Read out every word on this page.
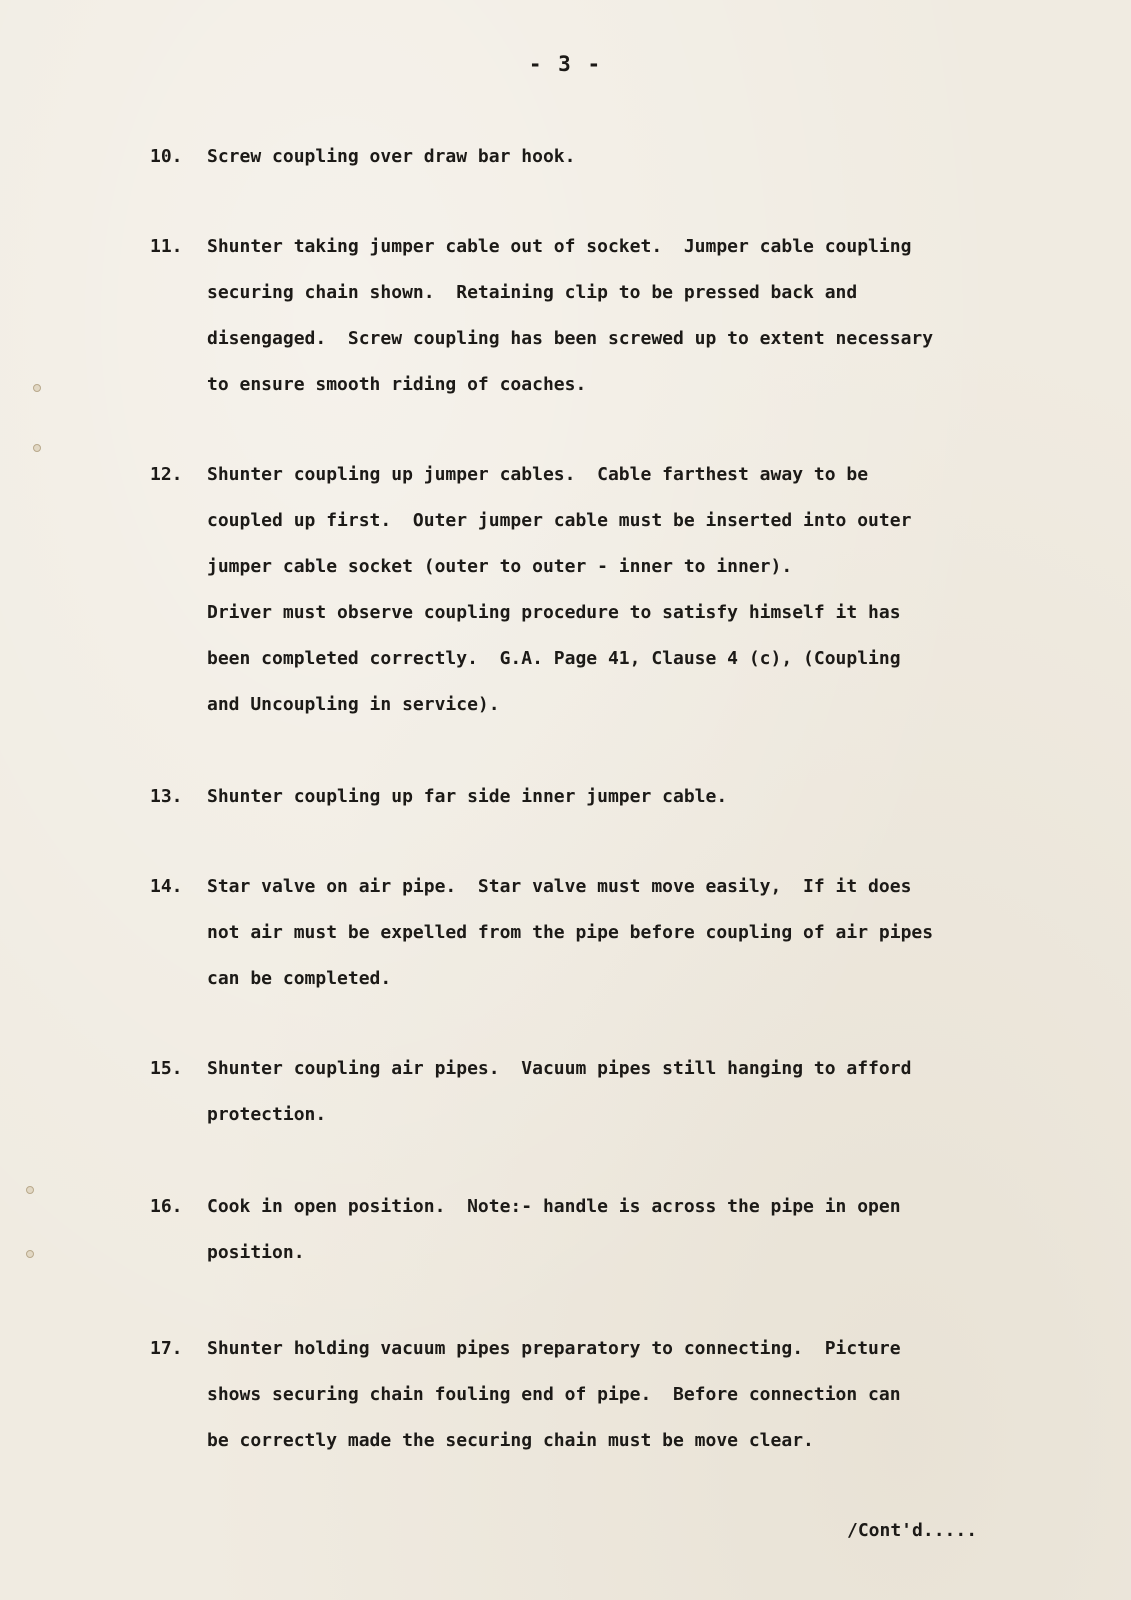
- 3 -
10.	Screw coupling over draw bar hook.
11.	Shunter taking jumper cable out of socket.  Jumper cable coupling
securing chain shown.  Retaining clip to be pressed back and
disengaged.  Screw coupling has been screwed up to extent necessary
to ensure smooth riding of coaches.
12.	Shunter coupling up jumper cables.  Cable farthest away to be
coupled up first.  Outer jumper cable must be inserted into outer
jumper cable socket (outer to outer - inner to inner).
Driver must observe coupling procedure to satisfy himself it has
been completed correctly.  G.A. Page 41, Clause 4 (c), (Coupling
and Uncoupling in service).
13.	Shunter coupling up far side inner jumper cable.
14.	Star valve on air pipe.  Star valve must move easily,  If it does
not air must be expelled from the pipe before coupling of air pipes
can be completed.
15.	Shunter coupling air pipes.  Vacuum pipes still hanging to afford
protection.
16.	Cook in open position.  Note:- handle is across the pipe in open
position.
17.	Shunter holding vacuum pipes preparatory to connecting.  Picture
shows securing chain fouling end of pipe.  Before connection can
be correctly made the securing chain must be move clear.
/Cont'd.....
